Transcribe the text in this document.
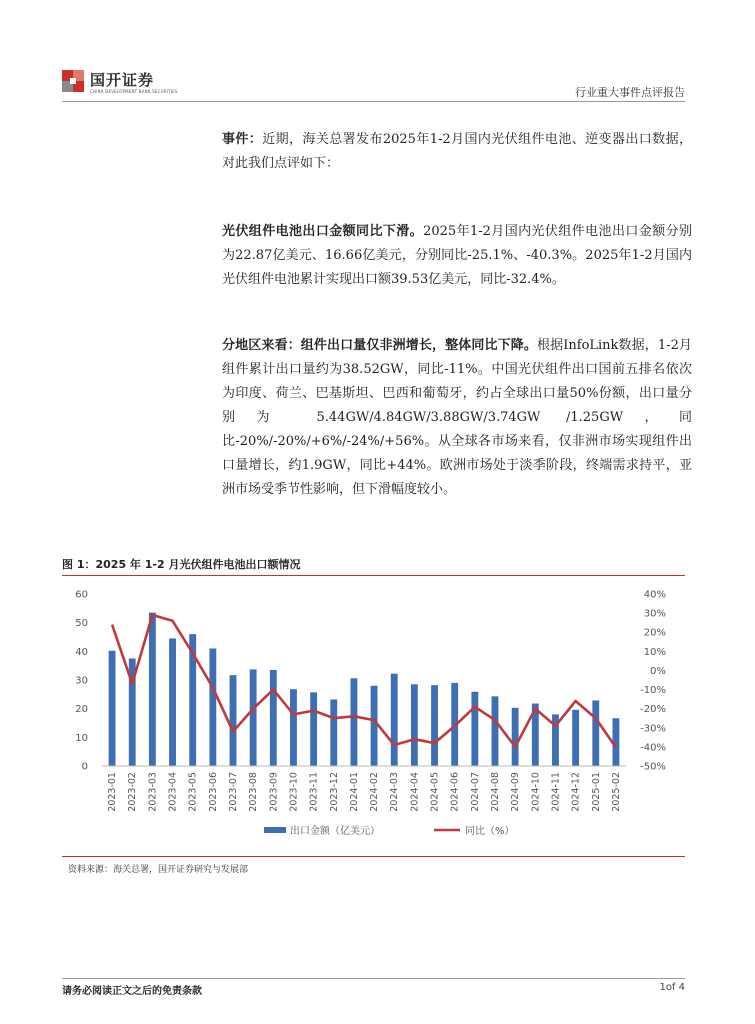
国开证券
CHINA DEVELOPMENT BANK SECURITIES	行业重大事件点评报告
事件：近期，海关总署发布2025年1-2月国内光伏组件电池、逆变器出口数据，对此我们点评如下：
光伏组件电池出口金额同比下滑。2025年1-2月国内光伏组件电池出口金额分别为22.87亿美元、16.66亿美元，分别同比-25.1%、-40.3%。2025年1-2月国内光伏组件电池累计实现出口额39.53亿美元，同比-32.4%。
分地区来看：组件出口量仅非洲增长，整体同比下降。根据InfoLink数据，1-2月组件累计出口量约为38.52GW，同比-11%。中国光伏组件出口国前五排名依次为印度、荷兰、巴基斯坦、巴西和葡萄牙，约占全球出口量50%份额，出口量分别为 5.44GW/4.84GW/3.88GW/3.74GW /1.25GW，同比-20%/-20%/+6%/-24%/+56%。从全球各市场来看，仅非洲市场实现组件出口量增长，约1.9GW，同比+44%。欧洲市场处于淡季阶段，终端需求持平，亚洲市场受季节性影响，但下滑幅度较小。
图 1：2025 年 1-2 月光伏组件电池出口额情况
0
10
20
30
40
50
60
-50%
-40%
-30%
-20%
-10%
0%
10%
20%
30%
40%
2023-01 2023-02 2023-03 2023-04 2023-05 2023-06 2023-07 2023-08 2023-09 2023-10 2023-11 2023-12 2024-01 2024-02 2024-03 2024-04 2024-05 2024-06 2024-07 2024-08 2024-09 2024-10 2024-11 2024-12 2025-01 2025-02
出口金额（亿美元）	同比（%）
资料来源：海关总署，国开证券研究与发展部
请务必阅读正文之后的免责条款	1of 4
